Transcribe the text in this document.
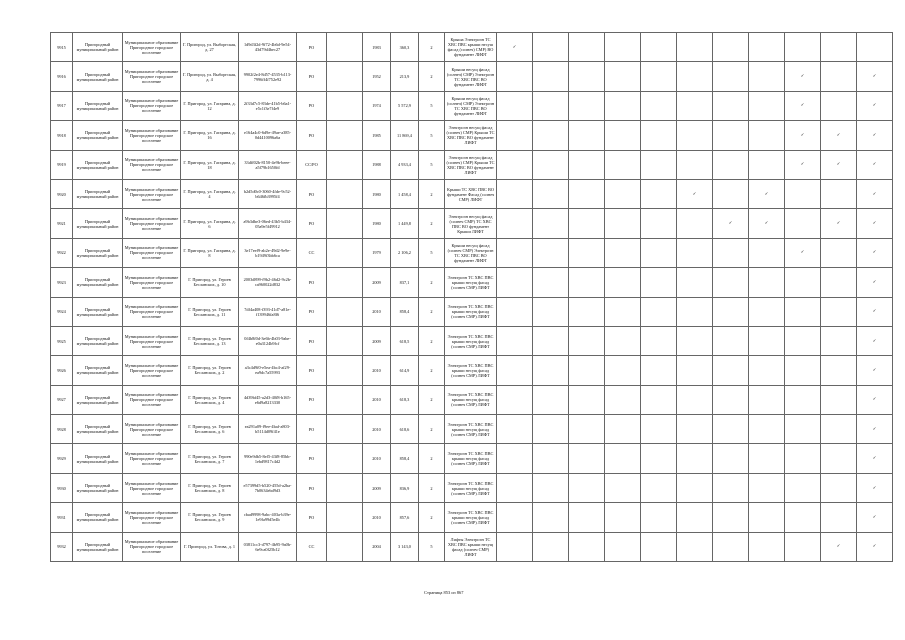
9915	Пригородный муниципальный район	Муниципальное образование Пригородное городское поселение	Г. Пригород, ул. Выборгская, д. 27	1d9d3f2d-9f72-4b6d-9e54-43d79d4bec27	РО		1983	360,3	2	Крыша Электроэн ТС ХВС ПВС крыши несуш фасад (солнеч) СМР) ВО фундамент ЛИФТ	✓										
9916	Пригородный муниципальный район	Муниципальное образование Пригородное городское поселение	Г. Пригород, ул. Выборгская, д. 4	9902f2e4-8d57-4535-b113-7996ff4f752e92	РО		1952	213,9	2	Крыши несущ фасад (солнеч) СМР) Электроэн ТС ХВС ПВС ВО фундамент ЛИФТ									✓		✓
9917	Пригородный муниципальный район	Муниципальное образование Пригородное городское поселение	Г. Пригород, ул. Гагарина, д. 12	2f33d7c5-83de-41b5-b6a1-e5c1f3e7f4e9	РО		1974	5 572,9	5	Крыши несущ фасад (солнеч) СМР) Электроэн ТС ХВС ПВС ВО фундамент ЛИФТ									✓		✓
9918	Пригородный муниципальный район	Муниципальное образование Пригородное городское поселение	Г. Пригород, ул. Гагарина, д. 16	e164a4c0-6d9e-49ae-a385-0d4410096a6a	РО		1985	11 869,4	5	Электроэн несущ фасад (солнеч) СМР) Крыши ТС ХВС ПВС ВО фундамент ЛИФТ									✓	✓	✓
9919	Пригородный муниципальный район	Муниципальное образование Пригородное городское поселение	Г. Пригород, ул. Гагарина, д. 18	33dff02b-8150-4e9b-beee-a5f79b1650fd	СС/РО		1988	4 933,4	5	Электроэн несущ фасад (солнеч) СМР) Крыши ТС ХВС ПВС ВО фундамент ЛИФТ									✓	✓	✓
9920	Пригородный муниципальный район	Муниципальное образование Пригородное городское поселение	Г. Пригород, ул. Гагарина, д. 4	b2d5d0c0-3060-4fde-9c52-b646fb3995f4	РО		1980	1 458,4	2	Крыши ТС ХВС ПВС ВО фундамент Фасад (солнеч СМР) ЛИФТ						✓		✓			✓
9921	Пригородный муниципальный район	Муниципальное образование Пригородное городское поселение	Г. Пригород, ул. Гагарина, д. 6	a9b3dbe3-06ed-43b5-b434-05a9e5f49912	РО		1980	1 449,8	2	Электроэн несущ фасад (солнеч СМР) ТС ХВС ПВС ВО фундамент Крыши ЛИФТ							✓	✓		✓	✓
9922	Пригородный муниципальный район	Муниципальное образование Пригородное городское поселение	Г. Пригород, ул. Гагарина, д. 8	3e17eef9-ab2e-49d2-9e9e-b1949f3bb6ca	СС		1979	2 106,2	5	Крыши несущ фасад (солнеч СМР) Электроэн ТС ХВС ПВС ВО фундамент ЛИФТ									✓		✓
9923	Пригородный муниципальный район	Муниципальное образование Пригородное городское поселение	Г. Пригород, ул. Героев Бесланских, д. 10	2003d899-f9b2-46d2-9c2b-ca960022d832	РО		2009	837,1	2	Электроэн ТС ХВС ПВС крыши несущ фасад (солнеч СМР) ЛИФТ											✓
9924	Пригородный муниципальный район	Муниципальное образование Пригородное городское поселение	Г. Пригород, ул. Героев Бесланских, д. 11	7df4a408-f393-41d7-a81e-f139946fa8f6	РО		2010	858,4	2	Электроэн ТС ХВС ПВС крыши несущ фасад (солнеч СМР) ЛИФТ											✓
9925	Пригородный муниципальный район	Муниципальное образование Пригородное городское поселение	Г. Пригород, ул. Героев Бесланских, д. 13	0f4b8f0d-3e6b-4b03-9abe-e0a3124b9fcf	РО		2009	618,5	2	Электроэн ТС ХВС ПВС крыши несущ фасад (солнеч СМР) ЛИФТ											✓
9926	Пригородный муниципальный район	Муниципальное образование Пригородное городское поселение	Г. Пригород, ул. Героев Бесланских, д. 2	a3c4d9f0-e5ea-4bc4-af29-ea9dc7a55993	РО		2010	614,9	2	Электроэн ТС ХВС ПВС крыши несущ фасад (солнеч СМР) ЛИФТ											✓
9927	Пригородный муниципальный район	Муниципальное образование Пригородное городское поселение	Г. Пригород, ул. Героев Бесланских, д. 4	4d39bf45-a2d3-40f8-b165-e6d9a8213330	РО		2010	618,3	2	Электроэн ТС ХВС ПВС крыши несущ фасад (солнеч СМР) ЛИФТ											✓
9928	Пригородный муниципальный район	Муниципальное образование Пригородное городское поселение	Г. Пригород, ул. Героев Бесланских, д. 6	ea291a09-f9ee-4baf-a803-b5114d09f41e	РО		2010	618,6	2	Электроэн ТС ХВС ПВС крыши несущ фасад (солнеч СМР) ЛИФТ											✓
9929	Пригородный муниципальный район	Муниципальное образование Пригородное городское поселение	Г. Пригород, ул. Героев Бесланских, д. 7	990e9db5-8ef5-43f8-85bb-1ebd9817c4d2	РО		2010	858,4	2	Электроэн ТС ХВС ПВС крыши несущ фасад (солнеч СМР) ЛИФТ											✓
9930	Пригородный муниципальный район	Муниципальное образование Пригородное городское поселение	Г. Пригород, ул. Героев Бесланских, д. 8	e57399d5-b520-455d-a2ba-7b0634ebd9d3	РО		2009	836,9	2	Электроэн ТС ХВС ПВС крыши несущ фасад (солнеч СМР) ЛИФТ											✓
9931	Пригородный муниципальный район	Муниципальное образование Пригородное городское поселение	Г. Пригород, ул. Героев Бесланских, д. 9	cbad9998-9abc-403a-b39e-1e9fa99d5e4b	РО		2010	857,6	2	Электроэн ТС ХВС ПВС крыши несущ фасад (солнеч СМР) ЛИФТ											✓
9932	Пригородный муниципальный район	Муниципальное образование Пригородное городское поселение	Г. Пригород, ул. Тотова, д. 1	03811cc3-d797-4b95-9a0b-6e9ca0f25b12	СС		2004	3 143,0	5	Лифты Электроэн ТС ХВС ПВС крыши несущ фасад (солнеч СМР) ЛИФТ										✓	✓
Страница 853 из 867
